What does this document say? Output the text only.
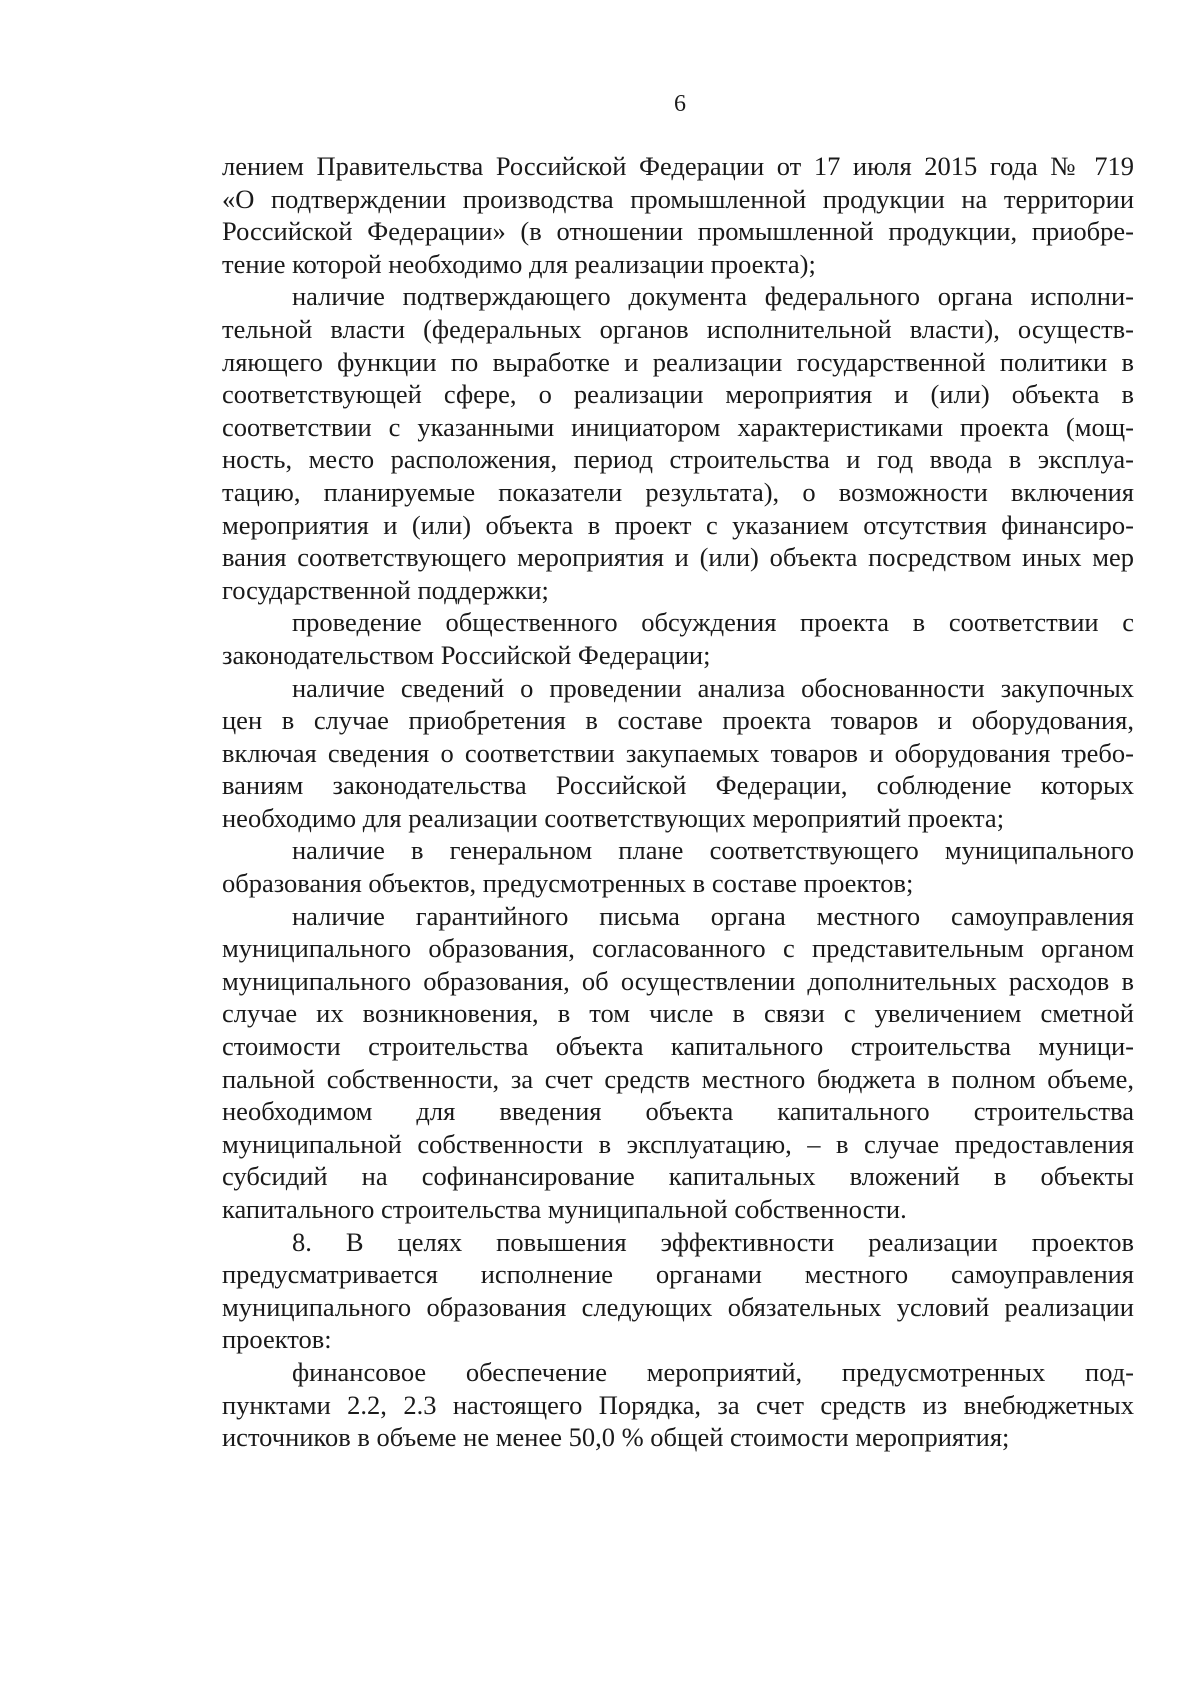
6
лением Правительства Российской Федерации от 17 июля 2015 года № 719
«О подтверждении производства промышленной продукции на территории
Российской Федерации» (в отношении промышленной продукции, приобре-
тение которой необходимо для реализации проекта);
наличие подтверждающего документа федерального органа исполни-
тельной власти (федеральных органов исполнительной власти), осуществ-
ляющего функции по выработке и реализации государственной политики в
соответствующей сфере, о реализации мероприятия и (или) объекта в
соответствии с указанными инициатором характеристиками проекта (мощ-
ность, место расположения, период строительства и год ввода в эксплуа-
тацию, планируемые показатели результата), о возможности включения
мероприятия и (или) объекта в проект с указанием отсутствия финансиро-
вания соответствующего мероприятия и (или) объекта посредством иных мер
государственной поддержки;
проведение общественного обсуждения проекта в соответствии с
законодательством Российской Федерации;
наличие сведений о проведении анализа обоснованности закупочных
цен в случае приобретения в составе проекта товаров и оборудования,
включая сведения о соответствии закупаемых товаров и оборудования требо-
ваниям законодательства Российской Федерации, соблюдение которых
необходимо для реализации соответствующих мероприятий проекта;
наличие в генеральном плане соответствующего муниципального
образования объектов, предусмотренных в составе проектов;
наличие гарантийного письма органа местного самоуправления
муниципального образования, согласованного с представительным органом
муниципального образования, об осуществлении дополнительных расходов в
случае их возникновения, в том числе в связи с увеличением сметной
стоимости строительства объекта капитального строительства муници-
пальной собственности, за счет средств местного бюджета в полном объеме,
необходимом для введения объекта капитального строительства
муниципальной собственности в эксплуатацию, – в случае предоставления
субсидий на софинансирование капитальных вложений в объекты
капитального строительства муниципальной собственности.
8. В целях повышения эффективности реализации проектов
предусматривается исполнение органами местного самоуправления
муниципального образования следующих обязательных условий реализации
проектов:
финансовое обеспечение мероприятий, предусмотренных под-
пунктами 2.2, 2.3 настоящего Порядка, за счет средств из внебюджетных
источников в объеме не менее 50,0 % общей стоимости мероприятия;
